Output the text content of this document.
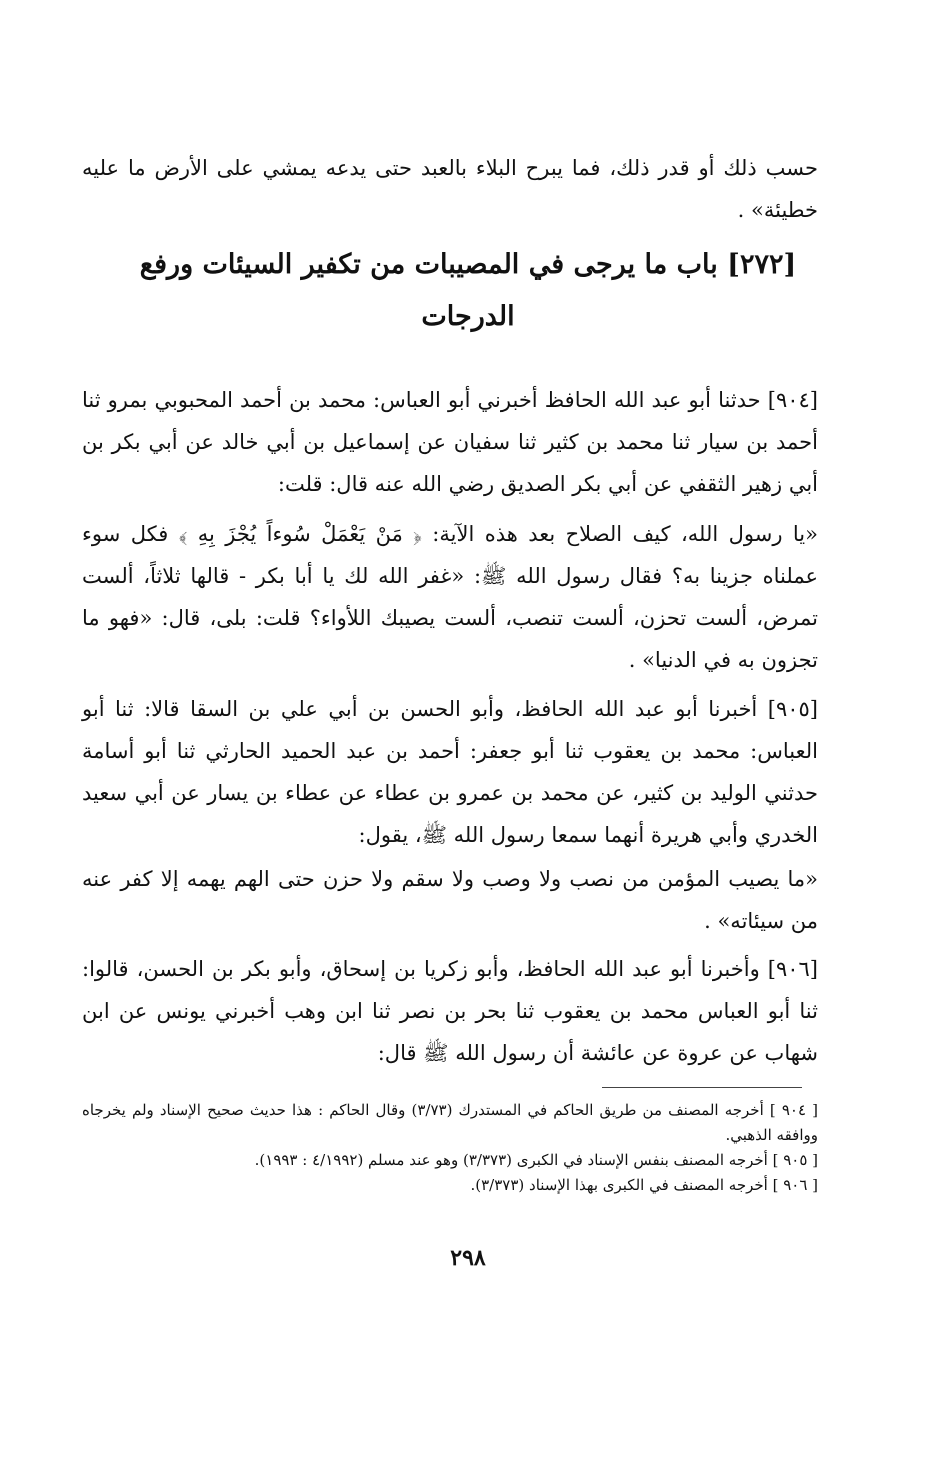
حسب ذلك أو قدر ذلك، فما يبرح البلاء بالعبد حتى يدعه يمشي على الأرض ما عليه خطيئة» .

[٢٧٢] باب ما يرجى في المصيبات من تكفير السيئات ورفع الدرجات

[٩٠٤] حدثنا أبو عبد الله الحافظ أخبرني أبو العباس: محمد بن أحمد المحبوبي بمرو ثنا أحمد بن سيار ثنا محمد بن كثير ثنا سفيان عن إسماعيل بن أبي خالد عن أبي بكر بن أبي زهير الثقفي عن أبي بكر الصديق رضي الله عنه قال: قلت:

«يا رسول الله، كيف الصلاح بعد هذه الآية: ﴿ مَنْ يَعْمَلْ سُوءاً يُجْزَ بِهِ ﴾ فكل سوء عملناه جزينا به؟ فقال رسول الله ﷺ: «غفر الله لك يا أبا بكر - قالها ثلاثاً، ألست تمرض، ألست تحزن، ألست تنصب، ألست يصيبك اللأواء؟ قلت: بلى، قال: «فهو ما تجزون به في الدنيا» .

[٩٠٥] أخبرنا أبو عبد الله الحافظ، وأبو الحسن بن أبي علي بن السقا قالا: ثنا أبو العباس: محمد بن يعقوب ثنا أبو جعفر: أحمد بن عبد الحميد الحارثي ثنا أبو أسامة حدثني الوليد بن كثير، عن محمد بن عمرو بن عطاء عن عطاء بن يسار عن أبي سعيد الخدري وأبي هريرة أنهما سمعا رسول الله ﷺ، يقول:

«ما يصيب المؤمن من نصب ولا وصب ولا سقم ولا حزن حتى الهم يهمه إلا كفر عنه من سيئاته» .

[٩٠٦] وأخبرنا أبو عبد الله الحافظ، وأبو زكريا بن إسحاق، وأبو بكر بن الحسن، قالوا: ثنا أبو العباس محمد بن يعقوب ثنا بحر بن نصر ثنا ابن وهب أخبرني يونس عن ابن شهاب عن عروة عن عائشة أن رسول الله ﷺ قال:

[ ٩٠٤ ] أخرجه المصنف من طريق الحاكم في المستدرك (٣/٧٣) وقال الحاكم : هذا حديث صحيح الإسناد ولم يخرجاه ووافقه الذهبي.

[ ٩٠٥ ] أخرجه المصنف بنفس الإسناد في الكبرى (٣/٣٧٣) وهو عند مسلم (٤/١٩٩٢ : ١٩٩٣).

[ ٩٠٦ ] أخرجه المصنف في الكبرى بهذا الإسناد (٣/٣٧٣).

٢٩٨
